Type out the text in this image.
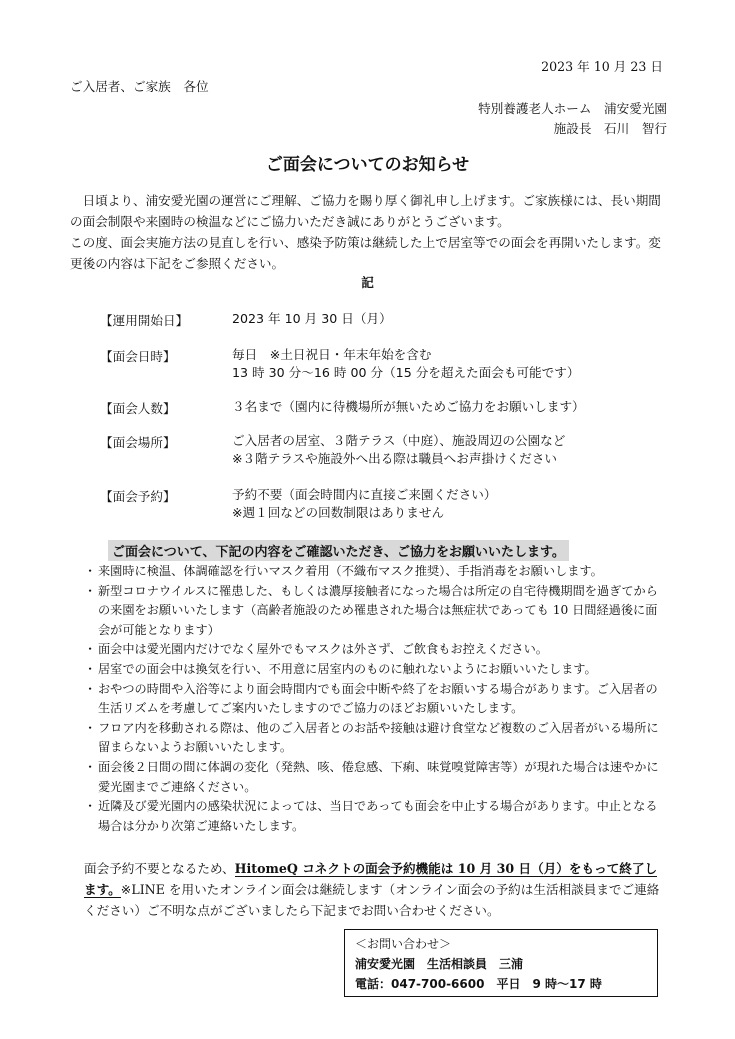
2023 年 10 月 23 日
ご入居者、ご家族　各位
特別養護老人ホーム　浦安愛光園
施設長　石川　智行
ご面会についてのお知らせ

日頃より、浦安愛光園の運営にご理解、ご協力を賜り厚く御礼申し上げます。ご家族様には、長い期間の面会制限や来園時の検温などにご協力いただき誠にありがとうございます。

この度、面会実施方法の見直しを行い、感染予防策は継続した上で居室等での面会を再開いたします。変更後の内容は下記をご参照ください。

記
【運用開始日】	2023 年 10 月 30 日（月）
【面会日時】	毎日　※土日祝日・年末年始を含む
13 時 30 分～16 時 00 分（15 分を超えた面会も可能です）
【面会人数】	３名まで（園内に待機場所が無いためご協力をお願いします）
【面会場所】	ご入居者の居室、３階テラス（中庭）、施設周辺の公園など
※３階テラスや施設外へ出る際は職員へお声掛けください
【面会予約】	予約不要（面会時間内に直接ご来園ください）
※週１回などの回数制限はありません
ご面会について、下記の内容をご確認いただき、ご協力をお願いいたします。

・ 来園時に検温、体調確認を行いマスク着用（不織布マスク推奨）、手指消毒をお願いします。

・ 新型コロナウイルスに罹患した、もしくは濃厚接触者になった場合は所定の自宅待機期間を過ぎてからの来園をお願いいたします（高齢者施設のため罹患された場合は無症状であっても 10 日間経過後に面会が可能となります）

・ 面会中は愛光園内だけでなく屋外でもマスクは外さず、ご飲食もお控えください。

・ 居室での面会中は換気を行い、不用意に居室内のものに触れないようにお願いいたします。

・ おやつの時間や入浴等により面会時間内でも面会中断や終了をお願いする場合があります。ご入居者の生活リズムを考慮してご案内いたしますのでご協力のほどお願いいたします。

・ フロア内を移動される際は、他のご入居者とのお話や接触は避け食堂など複数のご入居者がいる場所に留まらないようお願いいたします。

・ 面会後２日間の間に体調の変化（発熱、咳、倦怠感、下痢、味覚嗅覚障害等）が現れた場合は速やかに愛光園までご連絡ください。

・ 近隣及び愛光園内の感染状況によっては、当日であっても面会を中止する場合があります。中止となる場合は分かり次第ご連絡いたします。

面会予約不要となるため、HitomeQ コネクトの面会予約機能は 10 月 30 日（月）をもって終了します。※LINE を用いたオンライン面会は継続します（オンライン面会の予約は生活相談員までご連絡ください）ご不明な点がございましたら下記までお問い合わせください。
＜お問い合わせ＞
浦安愛光園　生活相談員　三浦
電話：047-700-6600　平日　9 時～17 時
